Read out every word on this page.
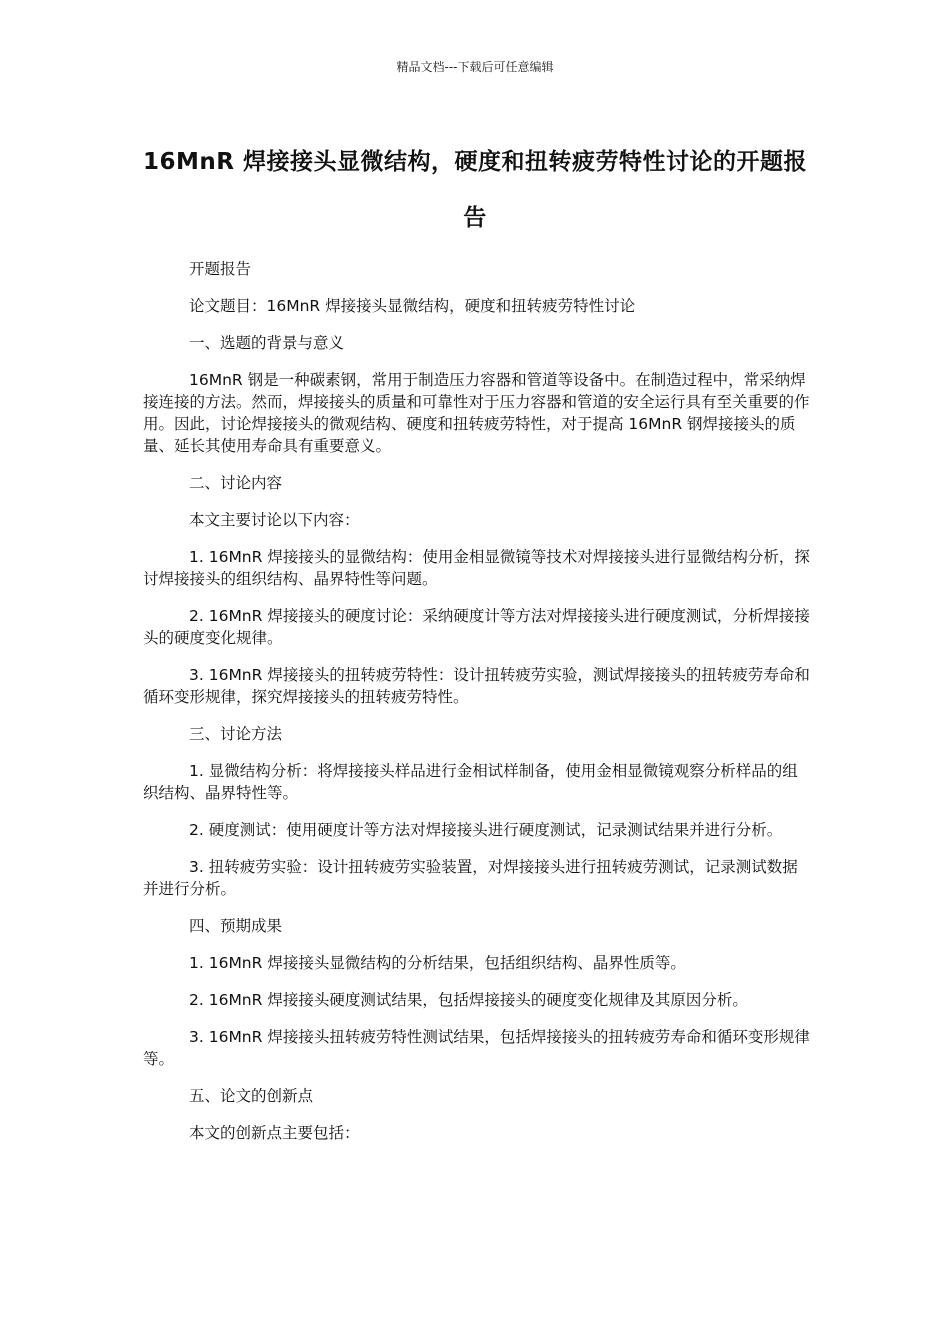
精品文档---下载后可任意编辑
16MnR 焊接接头显微结构，硬度和扭转疲劳特性讨论的开题报告

开题报告

论文题目：16MnR 焊接接头显微结构，硬度和扭转疲劳特性讨论

一、选题的背景与意义

16MnR 钢是一种碳素钢，常用于制造压力容器和管道等设备中。在制造过程中，常采纳焊接连接的方法。然而，焊接接头的质量和可靠性对于压力容器和管道的安全运行具有至关重要的作用。因此，讨论焊接接头的微观结构、硬度和扭转疲劳特性，对于提高 16MnR 钢焊接接头的质量、延长其使用寿命具有重要意义。

二、讨论内容

本文主要讨论以下内容：

1. 16MnR 焊接接头的显微结构：使用金相显微镜等技术对焊接接头进行显微结构分析，探讨焊接接头的组织结构、晶界特性等问题。

2. 16MnR 焊接接头的硬度讨论：采纳硬度计等方法对焊接接头进行硬度测试，分析焊接接头的硬度变化规律。

3. 16MnR 焊接接头的扭转疲劳特性：设计扭转疲劳实验，测试焊接接头的扭转疲劳寿命和循环变形规律，探究焊接接头的扭转疲劳特性。

三、讨论方法

1. 显微结构分析：将焊接接头样品进行金相试样制备，使用金相显微镜观察分析样品的组织结构、晶界特性等。

2. 硬度测试：使用硬度计等方法对焊接接头进行硬度测试，记录测试结果并进行分析。

3. 扭转疲劳实验：设计扭转疲劳实验装置，对焊接接头进行扭转疲劳测试，记录测试数据并进行分析。

四、预期成果

1. 16MnR 焊接接头显微结构的分析结果，包括组织结构、晶界性质等。

2. 16MnR 焊接接头硬度测试结果，包括焊接接头的硬度变化规律及其原因分析。

3. 16MnR 焊接接头扭转疲劳特性测试结果，包括焊接接头的扭转疲劳寿命和循环变形规律等。

五、论文的创新点

本文的创新点主要包括：
